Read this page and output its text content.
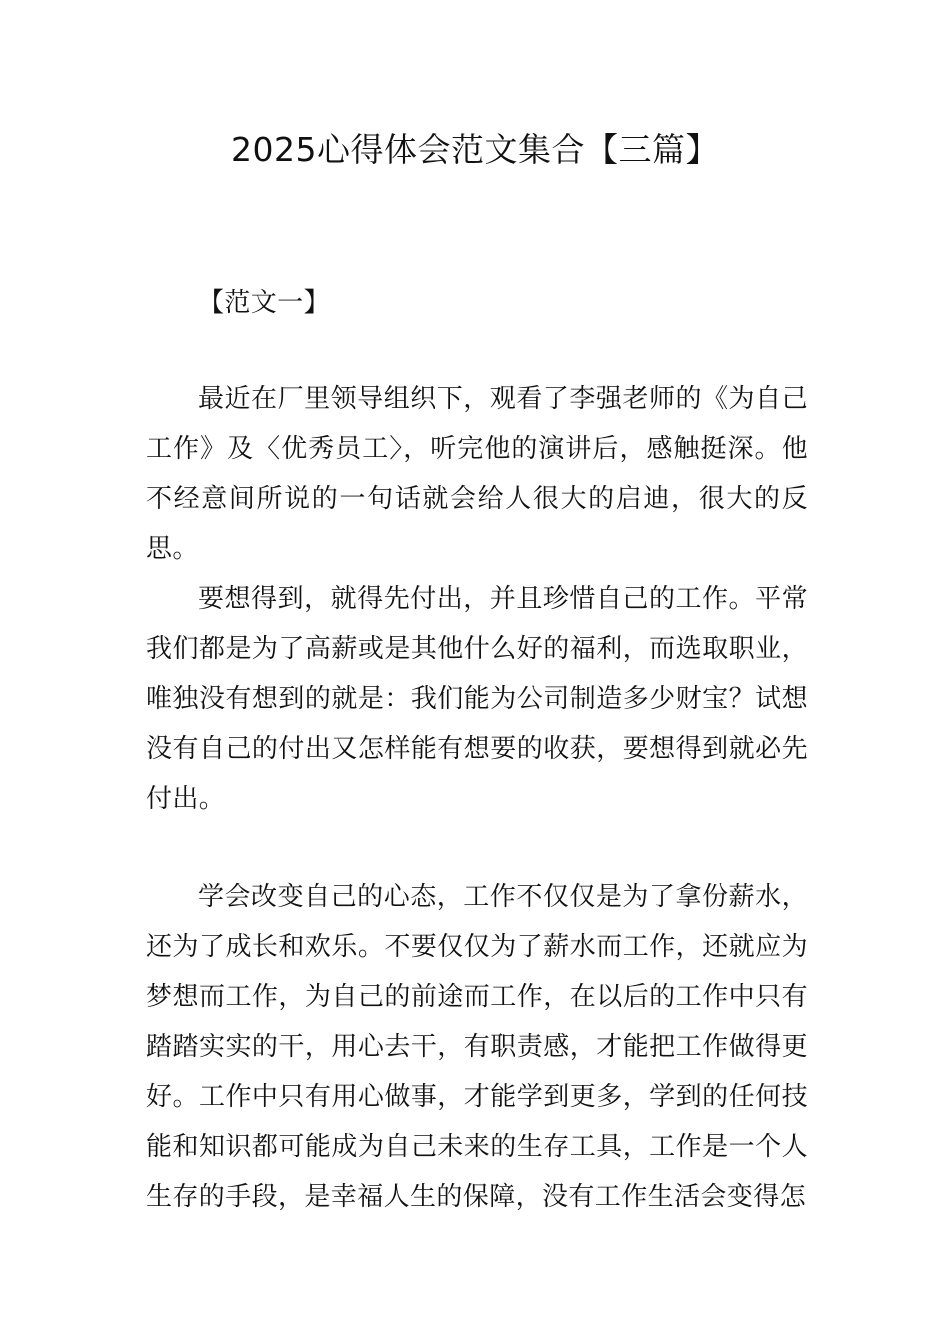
2025心得体会范文集合【三篇】

【范文一】

最近在厂里领导组织下，观看了李强老师的《为自己工作》及〈优秀员工〉，听完他的演讲后，感触挺深。他不经意间所说的一句话就会给人很大的启迪，很大的反思。

要想得到，就得先付出，并且珍惜自己的工作。平常我们都是为了高薪或是其他什么好的福利，而选取职业，唯独没有想到的就是：我们能为公司制造多少财宝？试想没有自己的付出又怎样能有想要的收获，要想得到就必先付出。

学会改变自己的心态，工作不仅仅是为了拿份薪水，还为了成长和欢乐。不要仅仅为了薪水而工作，还就应为梦想而工作，为自己的前途而工作，在以后的工作中只有踏踏实实的干，用心去干，有职责感，才能把工作做得更好。工作中只有用心做事，才能学到更多，学到的任何技能和知识都可能成为自己未来的生存工具，工作是一个人生存的手段，是幸福人生的保障，没有工作生活会变得怎
